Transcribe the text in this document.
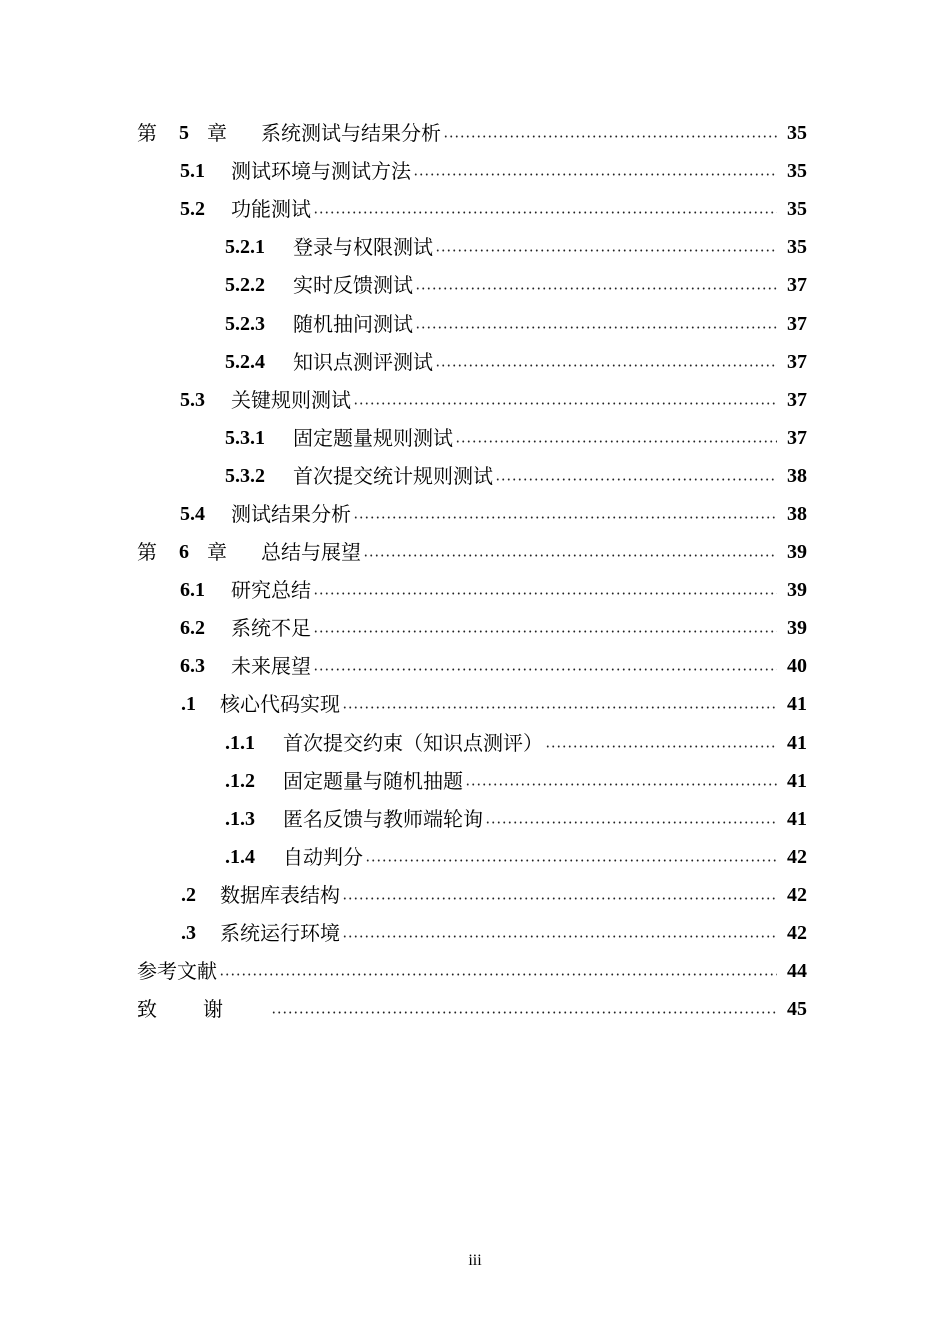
第	5 章	系统测试与结果分析	35
5.1	测试环境与测试方法	35
5.2	功能测试	35
5.2.1	登录与权限测试	35
5.2.2	实时反馈测试	37
5.2.3	随机抽问测试	37
5.2.4	知识点测评测试	37
5.3	关键规则测试	37
5.3.1	固定题量规则测试	37
5.3.2	首次提交统计规则测试	38
5.4	测试结果分析	38
第	6 章	总结与展望	39
6.1	研究总结	39
6.2	系统不足	39
6.3	未来展望	40
.1	核心代码实现	41
.1.1	首次提交约束（知识点测评）	41
.1.2	固定题量与随机抽题	41
.1.3	匿名反馈与教师端轮询	41
.1.4	自动判分	42
.2	数据库表结构	42
.3	系统运行环境	42
参考文献	44
致谢	45
iii
